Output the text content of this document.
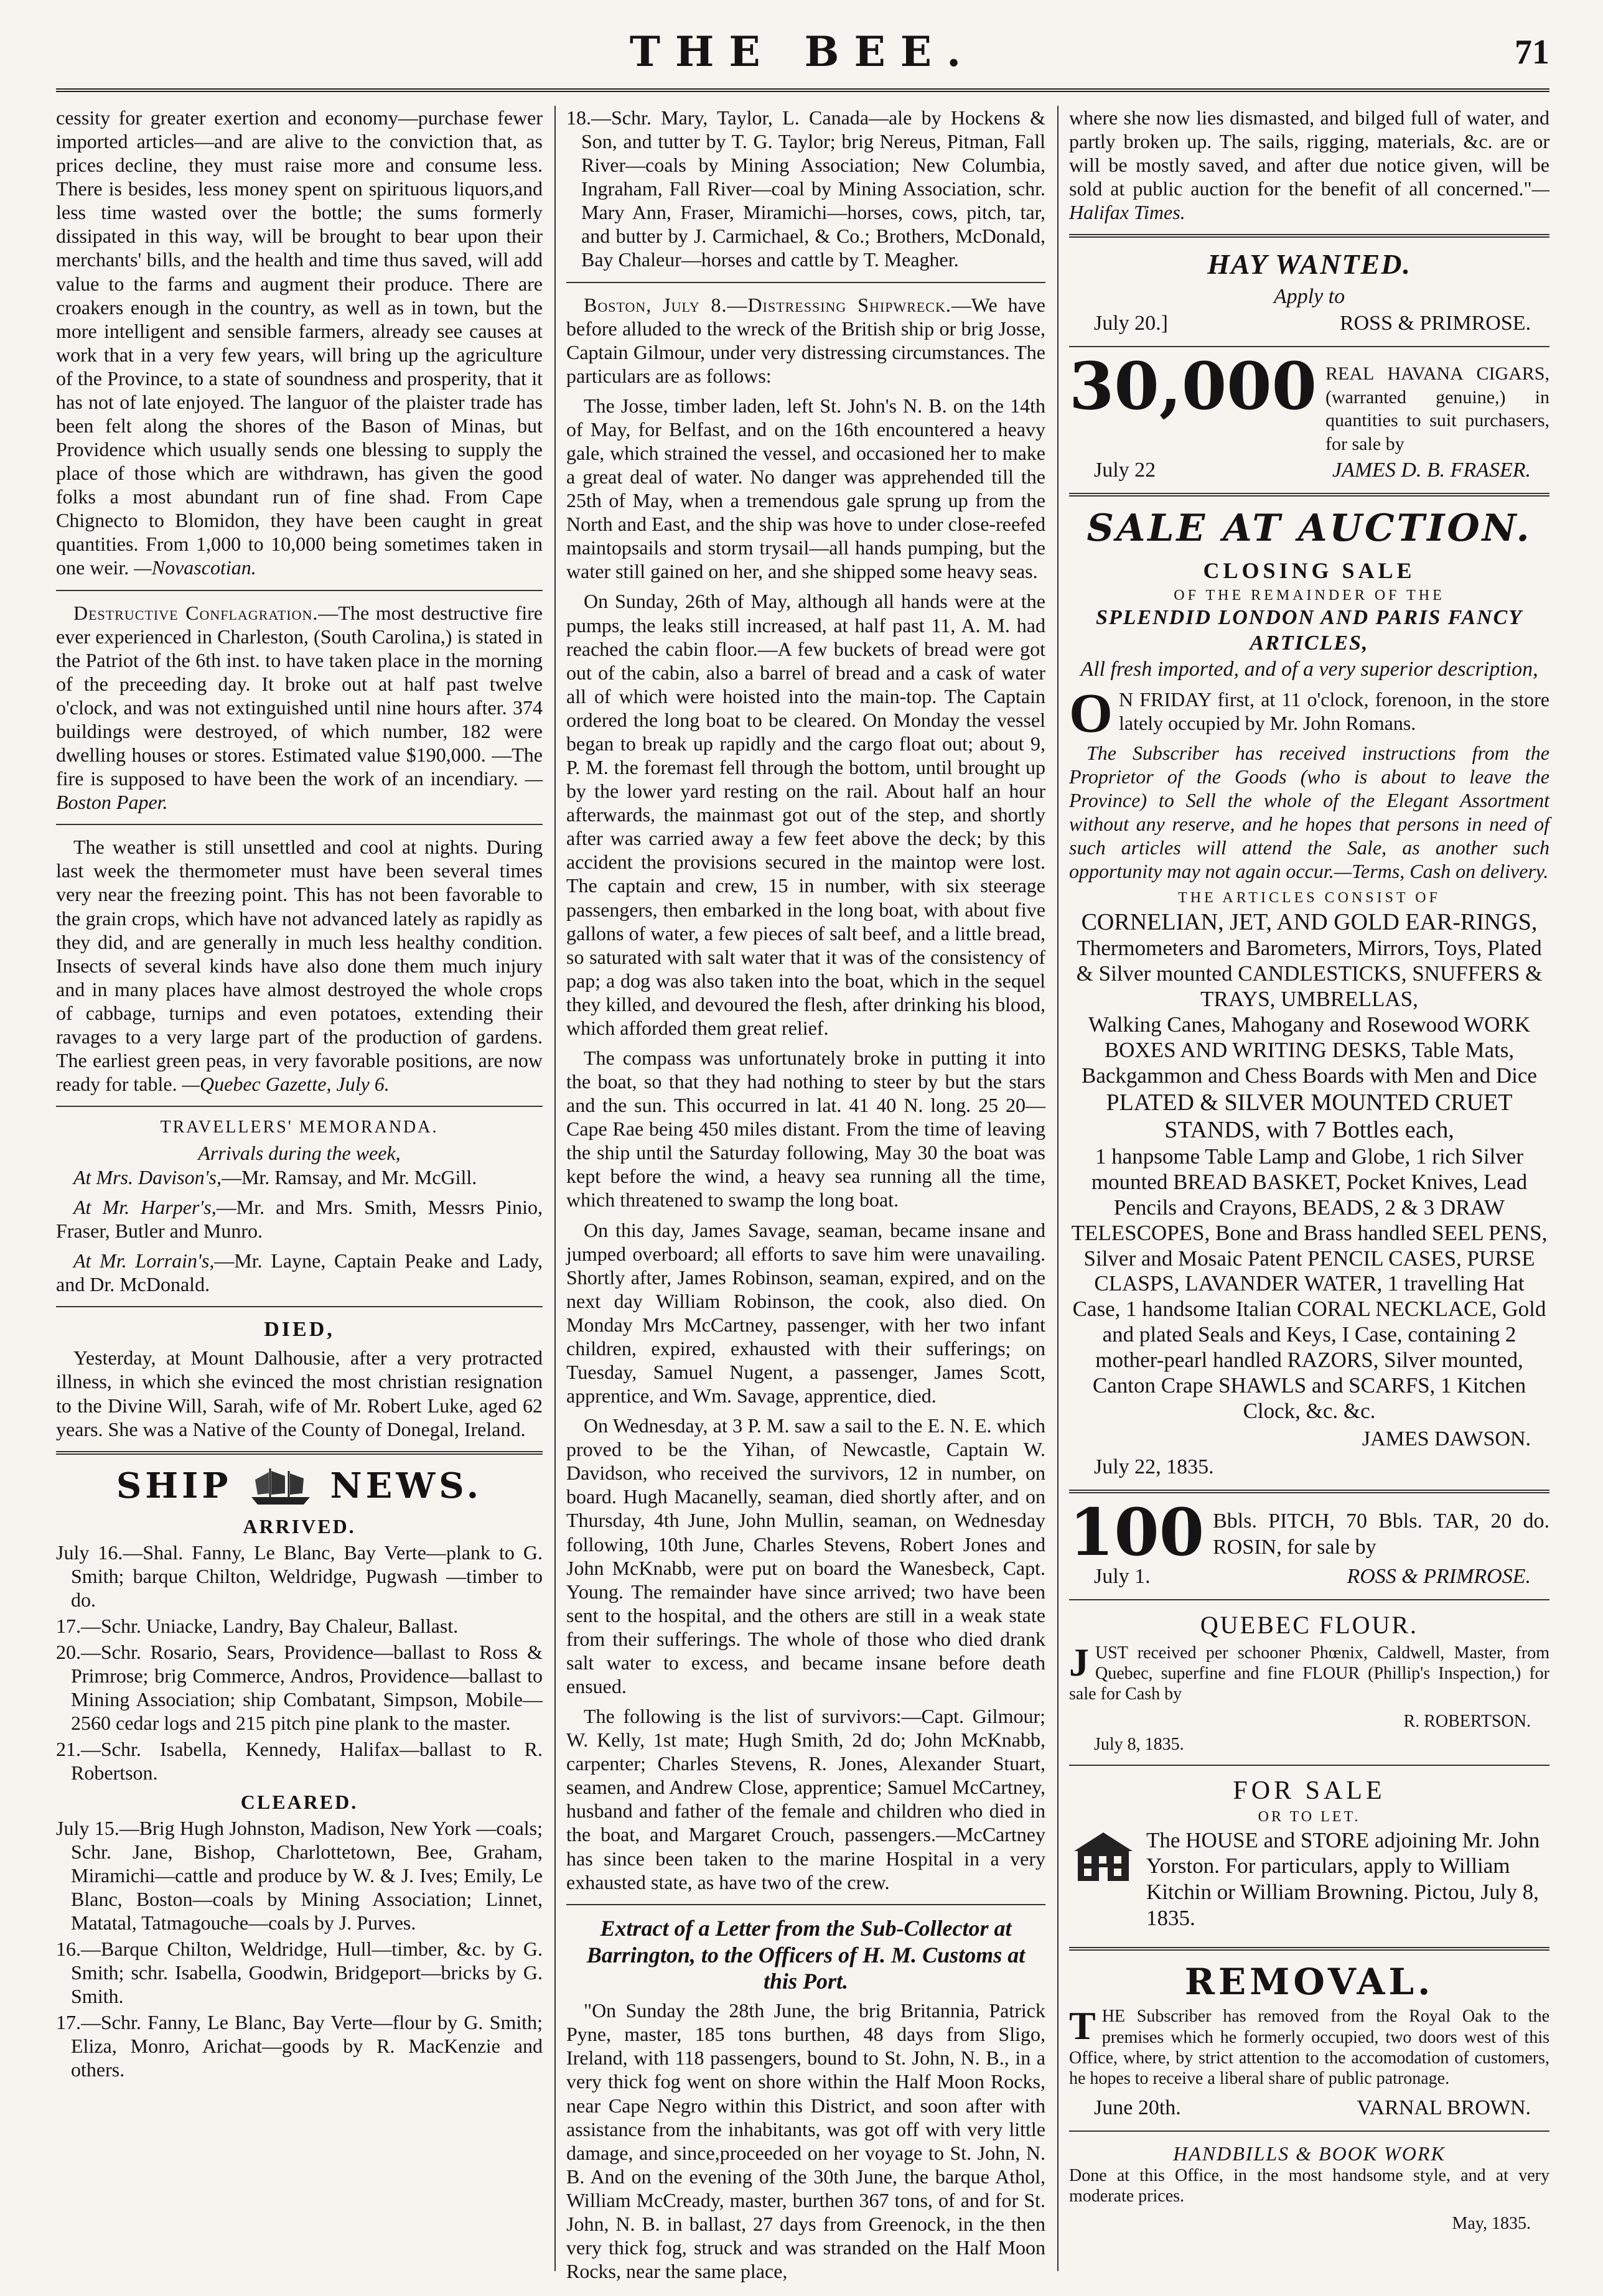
THE BEE.	71

cessity for greater exertion and economy—purchase fewer imported articles—and are alive to the conviction that, as prices decline, they must raise more and consume less. There is besides, less money spent on spirituous liquors,and less time wasted over the bottle; the sums formerly dissipated in this way, will be brought to bear upon their merchants' bills, and the health and time thus saved, will add value to the farms and augment their produce. There are croakers enough in the country, as well as in town, but the more intelligent and sensible farmers, already see causes at work that in a very few years, will bring up the agriculture of the Province, to a state of soundness and prosperity, that it has not of late enjoyed. The languor of the plaister trade has been felt along the shores of the Bason of Minas, but Providence which usually sends one blessing to supply the place of those which are withdrawn, has given the good folks a most abundant run of fine shad. From Cape Chignecto to Blomidon, they have been caught in great quantities. From 1,000 to 10,000 being sometimes taken in one weir. —Novascotian.

Destructive Conflagration.—The most destructive fire ever experienced in Charleston, (South Carolina,) is stated in the Patriot of the 6th inst. to have taken place in the morning of the preceeding day. It broke out at half past twelve o'clock, and was not extinguished until nine hours after. 374 buildings were destroyed, of which number, 182 were dwelling houses or stores. Estimated value $190,000. —The fire is supposed to have been the work of an incendiary. —Boston Paper.

The weather is still unsettled and cool at nights. During last week the thermometer must have been several times very near the freezing point. This has not been favorable to the grain crops, which have not advanced lately as rapidly as they did, and are generally in much less healthy condition. Insects of several kinds have also done them much injury and in many places have almost destroyed the whole crops of cabbage, turnips and even potatoes, extending their ravages to a very large part of the production of gardens. The earliest green peas, in very favorable positions, are now ready for table. —Quebec Gazette, July 6.

TRAVELLERS' MEMORANDA.
Arrivals during the week,

At Mrs. Davison's,—Mr. Ramsay, and Mr. McGill.

At Mr. Harper's,—Mr. and Mrs. Smith, Messrs Pinio, Fraser, Butler and Munro.

At Mr. Lorrain's,—Mr. Layne, Captain Peake and Lady, and Dr. McDonald.

DIED,

Yesterday, at Mount Dalhousie, after a very protracted illness, in which she evinced the most christian resignation to the Divine Will, Sarah, wife of Mr. Robert Luke, aged 62 years. She was a Native of the County of Donegal, Ireland.

SHIP	NEWS.
ARRIVED.

July 16.—Shal. Fanny, Le Blanc, Bay Verte—plank to G. Smith; barque Chilton, Weldridge, Pugwash —timber to do.

17.—Schr. Uniacke, Landry, Bay Chaleur, Ballast.

20.—Schr. Rosario, Sears, Providence—ballast to Ross & Primrose; brig Commerce, Andros, Providence—ballast to Mining Association; ship Combatant, Simpson, Mobile—2560 cedar logs and 215 pitch pine plank to the master.

21.—Schr. Isabella, Kennedy, Halifax—ballast to R. Robertson.

CLEARED.

July 15.—Brig Hugh Johnston, Madison, New York —coals; Schr. Jane, Bishop, Charlottetown, Bee, Graham, Miramichi—cattle and produce by W. & J. Ives; Emily, Le Blanc, Boston—coals by Mining Association; Linnet, Matatal, Tatmagouche—coals by J. Purves.

16.—Barque Chilton, Weldridge, Hull—timber, &c. by G. Smith; schr. Isabella, Goodwin, Bridgeport—bricks by G. Smith.

17.—Schr. Fanny, Le Blanc, Bay Verte—flour by G. Smith; Eliza, Monro, Arichat—goods by R. MacKenzie and others.

18.—Schr. Mary, Taylor, L. Canada—ale by Hockens & Son, and tutter by T. G. Taylor; brig Nereus, Pitman, Fall River—coals by Mining Association; New Columbia, Ingraham, Fall River—coal by Mining Association, schr. Mary Ann, Fraser, Miramichi—horses, cows, pitch, tar, and butter by J. Carmichael, & Co.; Brothers, McDonald, Bay Chaleur—horses and cattle by T. Meagher.

Boston, July 8.—Distressing Shipwreck.—We have before alluded to the wreck of the British ship or brig Josse, Captain Gilmour, under very distressing circumstances. The particulars are as follows:

The Josse, timber laden, left St. John's N. B. on the 14th of May, for Belfast, and on the 16th encountered a heavy gale, which strained the vessel, and occasioned her to make a great deal of water. No danger was apprehended till the 25th of May, when a tremendous gale sprung up from the North and East, and the ship was hove to under close-reefed maintopsails and storm trysail—all hands pumping, but the water still gained on her, and she shipped some heavy seas.

On Sunday, 26th of May, although all hands were at the pumps, the leaks still increased, at half past 11, A. M. had reached the cabin floor.—A few buckets of bread were got out of the cabin, also a barrel of bread and a cask of water all of which were hoisted into the main-top. The Captain ordered the long boat to be cleared. On Monday the vessel began to break up rapidly and the cargo float out; about 9, P. M. the foremast fell through the bottom, until brought up by the lower yard resting on the rail. About half an hour afterwards, the mainmast got out of the step, and shortly after was carried away a few feet above the deck; by this accident the provisions secured in the maintop were lost. The captain and crew, 15 in number, with six steerage passengers, then embarked in the long boat, with about five gallons of water, a few pieces of salt beef, and a little bread, so saturated with salt water that it was of the consistency of pap; a dog was also taken into the boat, which in the sequel they killed, and devoured the flesh, after drinking his blood, which afforded them great relief.

The compass was unfortunately broke in putting it into the boat, so that they had nothing to steer by but the stars and the sun. This occurred in lat. 41 40 N. long. 25 20—Cape Rae being 450 miles distant. From the time of leaving the ship until the Saturday following, May 30 the boat was kept before the wind, a heavy sea running all the time, which threatened to swamp the long boat.

On this day, James Savage, seaman, became insane and jumped overboard; all efforts to save him were unavailing. Shortly after, James Robinson, seaman, expired, and on the next day William Robinson, the cook, also died. On Monday Mrs McCartney, passenger, with her two infant children, expired, exhausted with their sufferings; on Tuesday, Samuel Nugent, a passenger, James Scott, apprentice, and Wm. Savage, apprentice, died.

On Wednesday, at 3 P. M. saw a sail to the E. N. E. which proved to be the Yihan, of Newcastle, Captain W. Davidson, who received the survivors, 12 in number, on board. Hugh Macanelly, seaman, died shortly after, and on Thursday, 4th June, John Mullin, seaman, on Wednesday following, 10th June, Charles Stevens, Robert Jones and John McKnabb, were put on board the Wanesbeck, Capt. Young. The remainder have since arrived; two have been sent to the hospital, and the others are still in a weak state from their sufferings. The whole of those who died drank salt water to excess, and became insane before death ensued.

The following is the list of survivors:—Capt. Gilmour; W. Kelly, 1st mate; Hugh Smith, 2d do; John McKnabb, carpenter; Charles Stevens, R. Jones, Alexander Stuart, seamen, and Andrew Close, apprentice; Samuel McCartney, husband and father of the female and children who died in the boat, and Margaret Crouch, passengers.—McCartney has since been taken to the marine Hospital in a very exhausted state, as have two of the crew.

Extract of a Letter from the Sub-Collector at Barrington, to the Officers of H. M. Customs at this Port.

"On Sunday the 28th June, the brig Britannia, Patrick Pyne, master, 185 tons burthen, 48 days from Sligo, Ireland, with 118 passengers, bound to St. John, N. B., in a very thick fog went on shore within the Half Moon Rocks, near Cape Negro within this District, and soon after with assistance from the inhabitants, was got off with very little damage, and since,proceeded on her voyage to St. John, N. B. And on the evening of the 30th June, the barque Athol, William McCready, master, burthen 367 tons, of and for St. John, N. B. in ballast, 27 days from Greenock, in the then very thick fog, struck and was stranded on the Half Moon Rocks, near the same place,

where she now lies dismasted, and bilged full of water, and partly broken up. The sails, rigging, materials, &c. are or will be mostly saved, and after due notice given, will be sold at public auction for the benefit of all concerned."—Halifax Times.

HAY WANTED.
Apply to
July 20.]	ROSS & PRIMROSE.
30,000 REAL HAVANA CIGARS, (warranted genuine,) in quantities to suit purchasers, for sale by
July 22	JAMES D. B. FRASER.
SALE AT AUCTION.
CLOSING SALE
OF THE REMAINDER OF THE
SPLENDID LONDON AND PARIS FANCY ARTICLES,
All fresh imported, and of a very superior description,

O N FRIDAY first, at 11 o'clock, forenoon, in the store lately occupied by Mr. John Romans.

The Subscriber has received instructions from the Proprietor of the Goods (who is about to leave the Province) to Sell the whole of the Elegant Assortment without any reserve, and he hopes that persons in need of such articles will attend the Sale, as another such opportunity may not again occur.—Terms, Cash on delivery.

THE ARTICLES CONSIST OF

CORNELIAN, JET, AND GOLD EAR-RINGS,

Thermometers and Barometers, Mirrors, Toys, Plated & Silver mounted CANDLESTICKS, SNUFFERS & TRAYS, UMBRELLAS,

Walking Canes, Mahogany and Rosewood WORK BOXES AND WRITING DESKS, Table Mats, Backgammon and Chess Boards with Men and Dice

PLATED & SILVER MOUNTED CRUET STANDS, with 7 Bottles each,

1 hanpsome Table Lamp and Globe, 1 rich Silver mounted BREAD BASKET, Pocket Knives, Lead Pencils and Crayons, BEADS, 2 & 3 DRAW TELESCOPES, Bone and Brass handled SEEL PENS, Silver and Mosaic Patent PENCIL CASES, PURSE CLASPS, LAVANDER WATER, 1 travelling Hat Case, 1 handsome Italian CORAL NECKLACE, Gold and plated Seals and Keys, I Case, containing 2 mother-pearl handled RAZORS, Silver mounted, Canton Crape SHAWLS and SCARFS, 1 Kitchen Clock, &c. &c.

JAMES DAWSON.
July 22, 1835.
100 Bbls. PITCH, 70 Bbls. TAR, 20 do. ROSIN, for sale by
July 1.	ROSS & PRIMROSE.
QUEBEC FLOUR.

JUST received per schooner Phœnix, Caldwell, Master, from Quebec, superfine and fine FLOUR (Phillip's Inspection,) for sale for Cash by

R. ROBERTSON.
July 8, 1835.
FOR SALE
OR TO LET.

The HOUSE and STORE adjoining Mr. John Yorston. For particulars, apply to William Kitchin or William Browning. Pictou, July 8, 1835.

REMOVAL.

THE Subscriber has removed from the Royal Oak to the premises which he formerly occupied, two doors west of this Office, where, by strict attention to the accomodation of customers, he hopes to receive a liberal share of public patronage.

June 20th.	VARNAL BROWN.
HANDBILLS & BOOK WORK

Done at this Office, in the most handsome style, and at very moderate prices.

May, 1835.
